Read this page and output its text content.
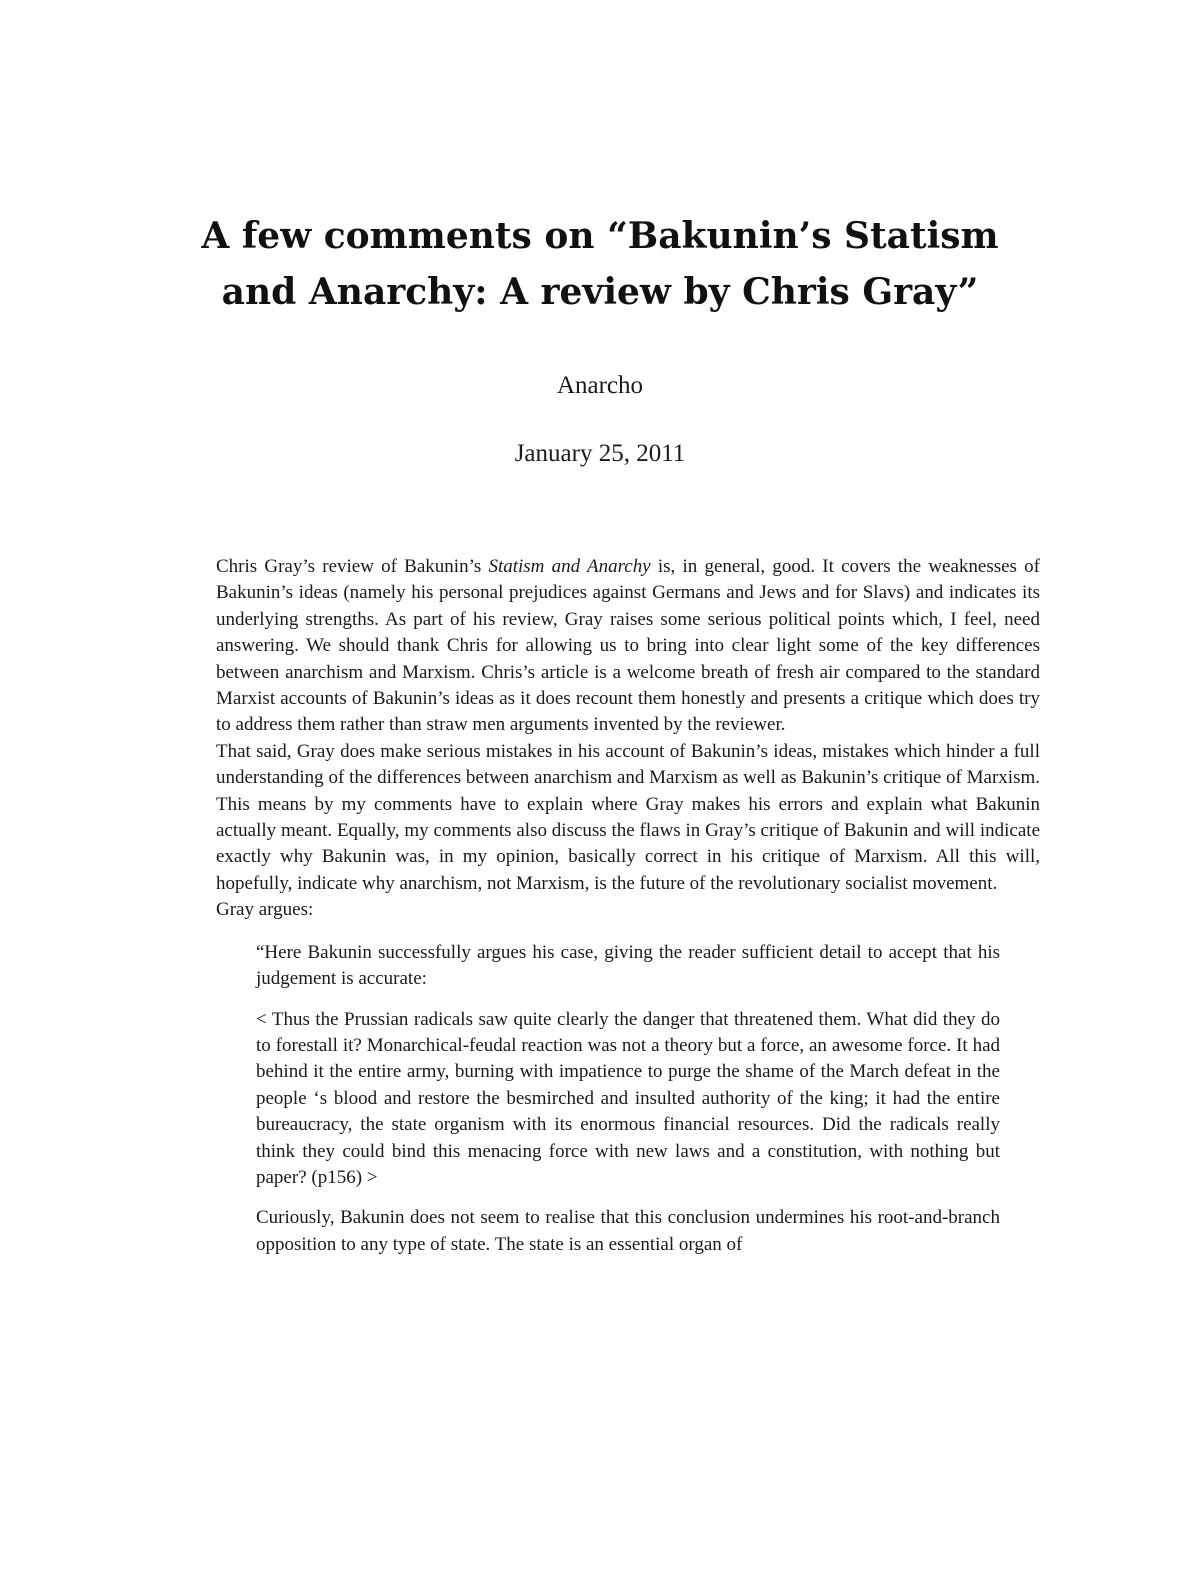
A few comments on “Bakunin’s Statism and Anarchy: A review by Chris Gray”
Anarcho
January 25, 2011

Chris Gray’s review of Bakunin’s Statism and Anarchy is, in general, good. It covers the weaknesses of Bakunin’s ideas (namely his personal prejudices against Germans and Jews and for Slavs) and indicates its underlying strengths. As part of his review, Gray raises some serious political points which, I feel, need answering. We should thank Chris for allowing us to bring into clear light some of the key differences between anarchism and Marxism. Chris’s article is a welcome breath of fresh air compared to the standard Marxist accounts of Bakunin’s ideas as it does recount them honestly and presents a critique which does try to address them rather than straw men arguments invented by the reviewer.

That said, Gray does make serious mistakes in his account of Bakunin’s ideas, mistakes which hinder a full understanding of the differences between anarchism and Marxism as well as Bakunin’s critique of Marxism. This means by my comments have to explain where Gray makes his errors and explain what Bakunin actually meant. Equally, my comments also discuss the flaws in Gray’s critique of Bakunin and will indicate exactly why Bakunin was, in my opinion, basically correct in his critique of Marxism. All this will, hopefully, indicate why anarchism, not Marxism, is the future of the revolutionary socialist movement.

Gray argues:

“Here Bakunin successfully argues his case, giving the reader sufficient detail to accept that his judgement is accurate:

< Thus the Prussian radicals saw quite clearly the danger that threatened them. What did they do to forestall it? Monarchical-feudal reaction was not a theory but a force, an awesome force. It had behind it the entire army, burning with impatience to purge the shame of the March defeat in the people ‘s blood and restore the besmirched and insulted authority of the king; it had the entire bureaucracy, the state organism with its enormous financial resources. Did the radicals really think they could bind this menacing force with new laws and a constitution, with nothing but paper? (p156) >

Curiously, Bakunin does not seem to realise that this conclusion undermines his root-and-branch opposition to any type of state. The state is an essential organ of
